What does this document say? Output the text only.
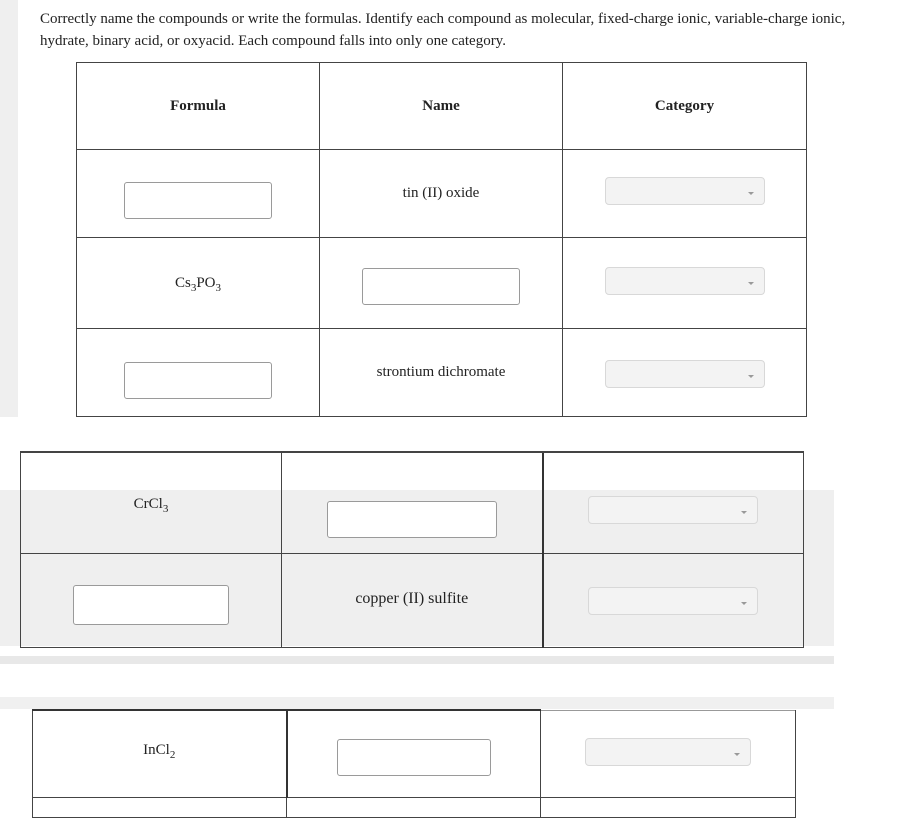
Correctly name the compounds or write the formulas. Identify each compound as molecular, fixed-charge ionic, variable-charge ionic, hydrate, binary acid, or oxyacid. Each compound falls into only one category.
Formula	Name	Category
	tin (II) oxide	

$Cs_3PO_3$		

	strontium dichromate	
CrCl$_3$		

	copper (II) sulfite	
InCl$_2$		
